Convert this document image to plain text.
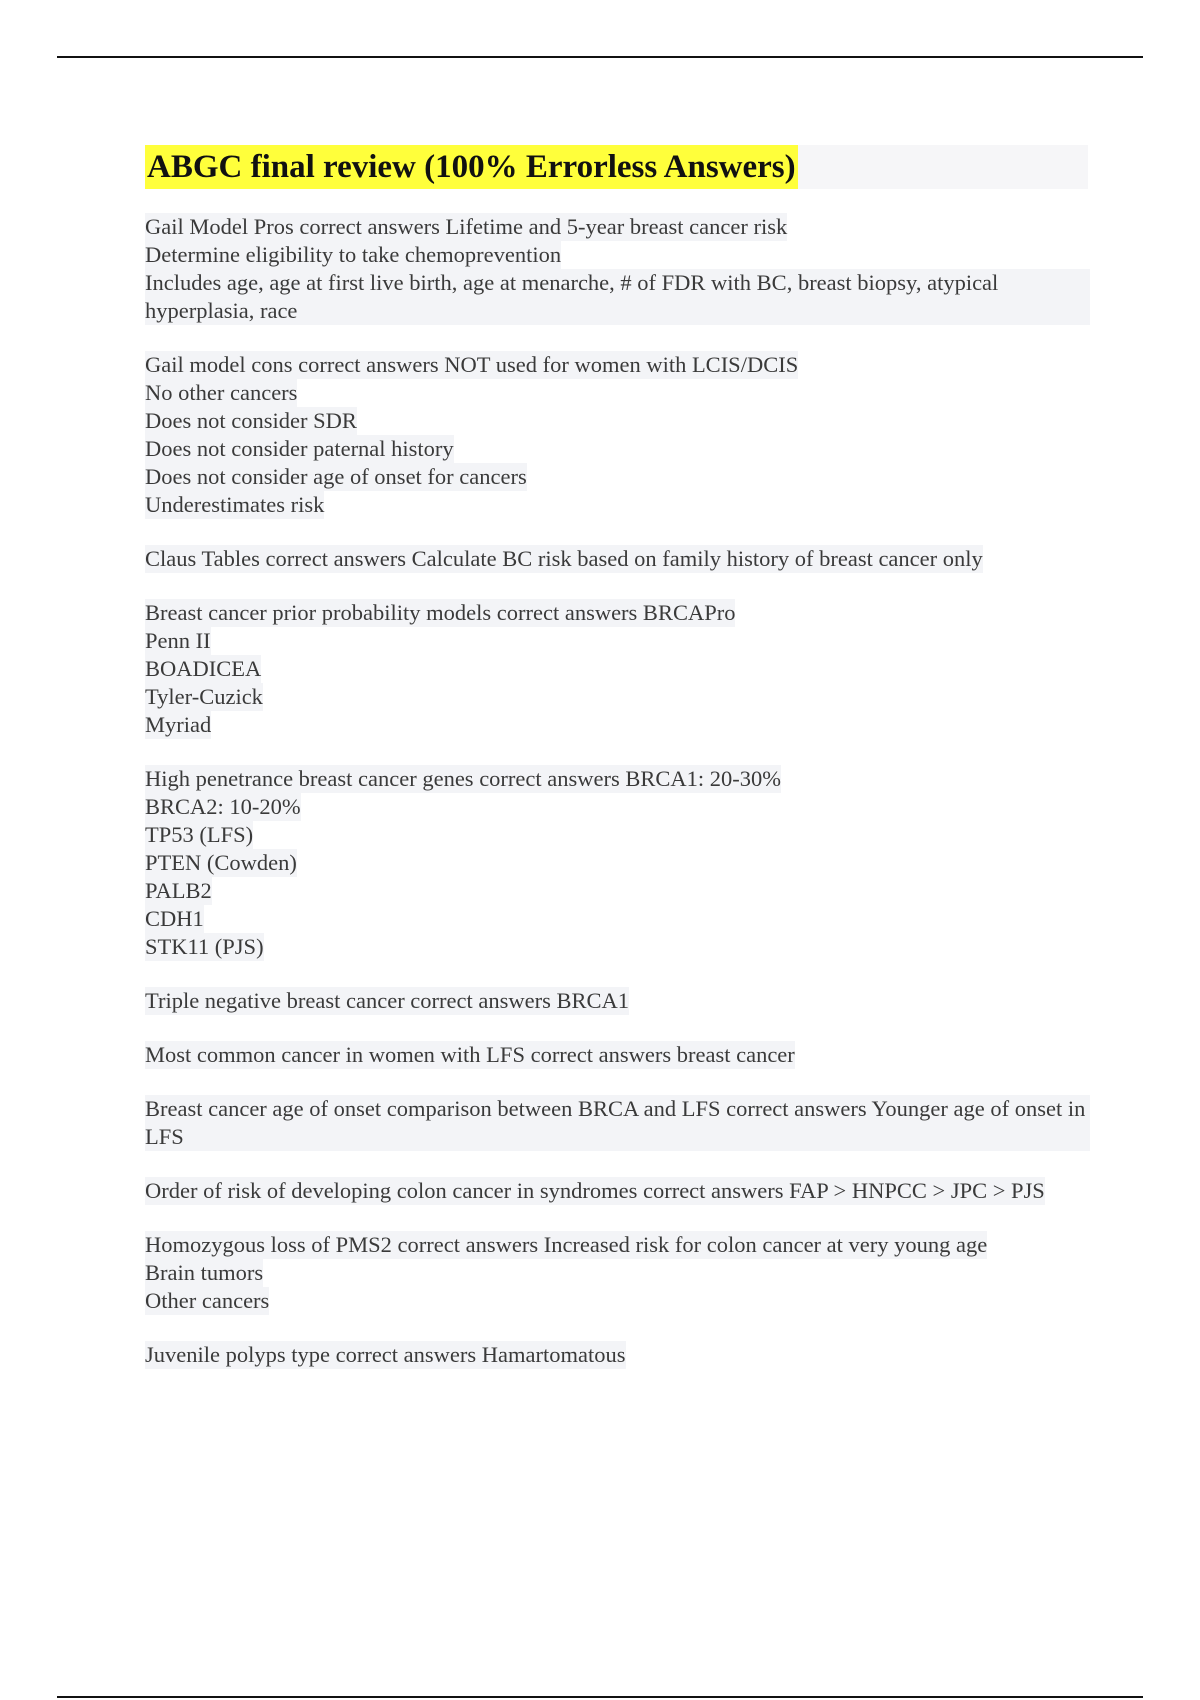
ABGC final review (100% Errorless Answers)
Gail Model Pros correct answers Lifetime and 5-year breast cancer risk
Determine eligibility to take chemoprevention
Includes age, age at first live birth, age at menarche, # of FDR with BC, breast biopsy, atypical hyperplasia, race
Gail model cons correct answers NOT used for women with LCIS/DCIS
No other cancers
Does not consider SDR
Does not consider paternal history
Does not consider age of onset for cancers
Underestimates risk
Claus Tables correct answers Calculate BC risk based on family history of breast cancer only
Breast cancer prior probability models correct answers BRCAPro
Penn II
BOADICEA
Tyler-Cuzick
Myriad
High penetrance breast cancer genes correct answers BRCA1: 20-30%
BRCA2: 10-20%
TP53 (LFS)
PTEN (Cowden)
PALB2
CDH1
STK11 (PJS)
Triple negative breast cancer correct answers BRCA1
Most common cancer in women with LFS correct answers breast cancer
Breast cancer age of onset comparison between BRCA and LFS correct answers Younger age of onset in LFS
Order of risk of developing colon cancer in syndromes correct answers FAP > HNPCC > JPC > PJS
Homozygous loss of PMS2 correct answers Increased risk for colon cancer at very young age
Brain tumors
Other cancers
Juvenile polyps type correct answers Hamartomatous
